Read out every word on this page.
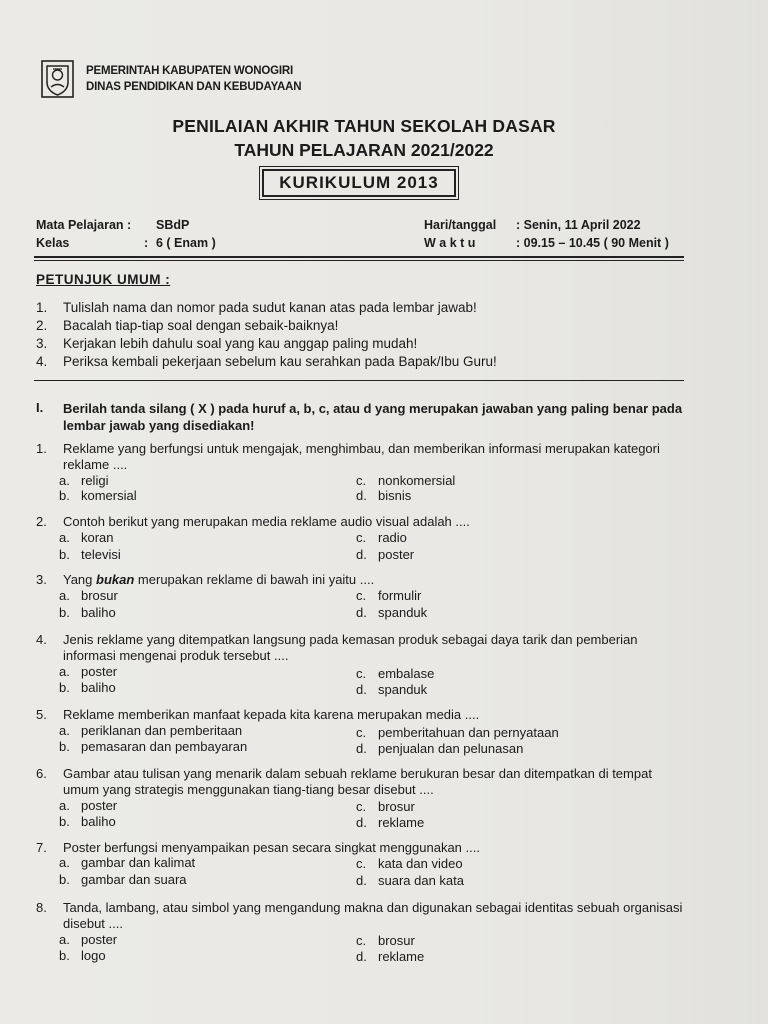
PEMERINTAH KABUPATEN WONOGIRI
DINAS PENDIDIKAN DAN KEBUDAYAAN
PENILAIAN AKHIR TAHUN SEKOLAH DASAR
TAHUN PELAJARAN 2021/2022
KURIKULUM 2013
Mata Pelajaran : SBdP
Kelas	: 6 ( Enam )
Hari/tanggal : Senin, 11 April 2022
W a k t u	: 09.15 – 10.45 ( 90 Menit )
PETUNJUK UMUM :
1. Tulislah nama dan nomor pada sudut kanan atas pada lembar jawab!
2. Bacalah tiap-tiap soal dengan sebaik-baiknya!
3. Kerjakan lebih dahulu soal yang kau anggap paling mudah!
4. Periksa kembali pekerjaan sebelum kau serahkan pada Bapak/Ibu Guru!
I. Berilah tanda silang ( X ) pada huruf a, b, c, atau d yang merupakan jawaban yang paling benar pada lembar jawab yang disediakan!
1. Reklame yang berfungsi untuk mengajak, menghimbau, dan memberikan informasi merupakan kategori reklame ....
a. religi
b. komersial
c. nonkomersial
d. bisnis
2. Contoh berikut yang merupakan media reklame audio visual adalah ....
a. koran
b. televisi
c. radio
d. poster
3. Yang bukan merupakan reklame di bawah ini yaitu ....
a. brosur
b. baliho
c. formulir
d. spanduk
4. Jenis reklame yang ditempatkan langsung pada kemasan produk sebagai daya tarik dan pemberian informasi mengenai produk tersebut ....
a. poster
b. baliho
c. embalase
d. spanduk
5. Reklame memberikan manfaat kepada kita karena merupakan media ....
a. periklanan dan pemberitaan
b. pemasaran dan pembayaran
c. pemberitahuan dan pernyataan
d. penjualan dan pelunasan
6. Gambar atau tulisan yang menarik dalam sebuah reklame berukuran besar dan ditempatkan di tempat umum yang strategis menggunakan tiang-tiang besar disebut ....
a. poster
b. baliho
c. brosur
d. reklame
7. Poster berfungsi menyampaikan pesan secara singkat menggunakan ....
a. gambar dan kalimat
b. gambar dan suara
c. kata dan video
d. suara dan kata
8. Tanda, lambang, atau simbol yang mengandung makna dan digunakan sebagai identitas sebuah organisasi disebut ....
a. poster
b. logo
c. brosur
d. reklame
